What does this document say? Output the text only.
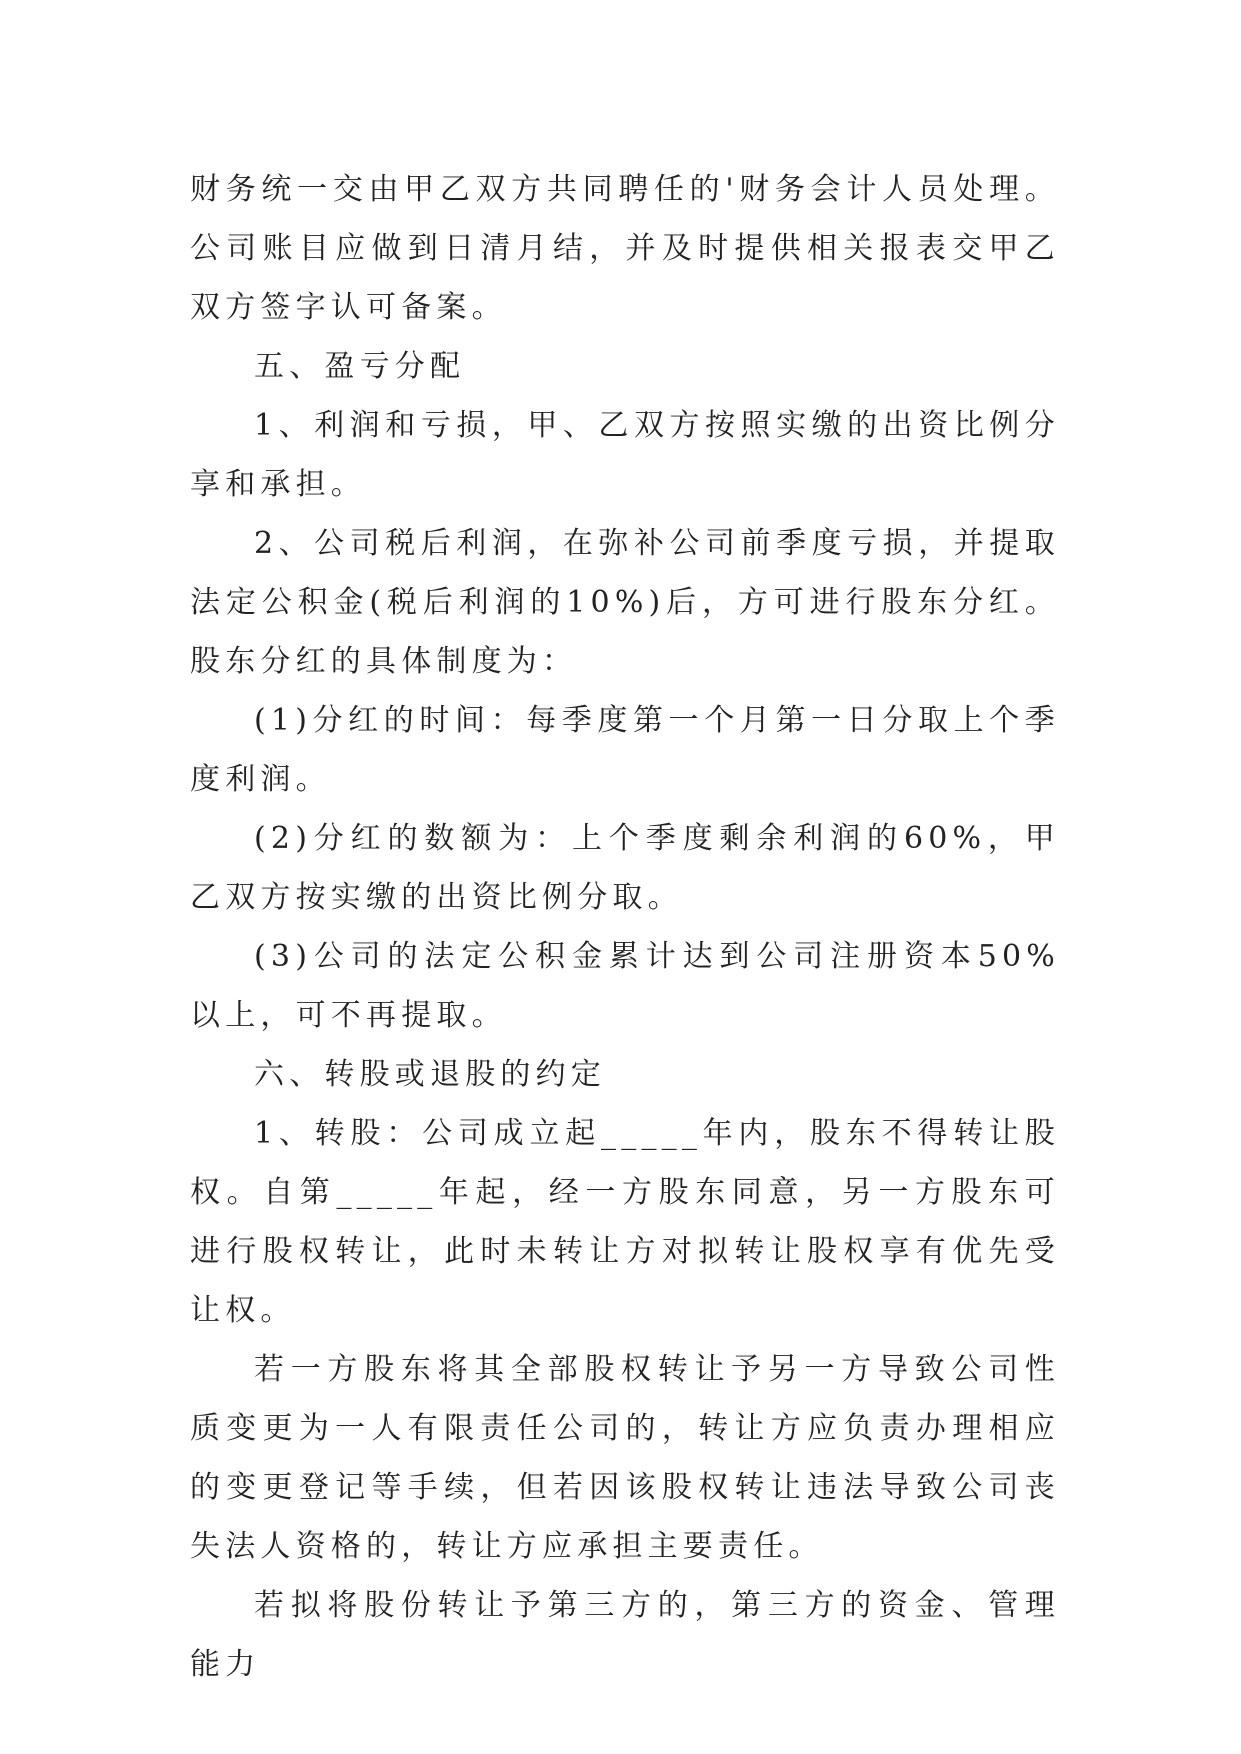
财务统一交由甲乙双方共同聘任的'财务会计人员处理。公司账目应做到日清月结，并及时提供相关报表交甲乙双方签字认可备案。

五、盈亏分配

1、利润和亏损，甲、乙双方按照实缴的出资比例分享和承担。

2、公司税后利润，在弥补公司前季度亏损，并提取法定公积金(税后利润的10%)后，方可进行股东分红。股东分红的具体制度为：

(1)分红的时间：每季度第一个月第一日分取上个季度利润。

(2)分红的数额为：上个季度剩余利润的60%，甲乙双方按实缴的出资比例分取。

(3)公司的法定公积金累计达到公司注册资本50%以上，可不再提取。

六、转股或退股的约定

1、转股：公司成立起_____年内，股东不得转让股权。自第_____年起，经一方股东同意，另一方股东可进行股权转让，此时未转让方对拟转让股权享有优先受让权。

若一方股东将其全部股权转让予另一方导致公司性质变更为一人有限责任公司的，转让方应负责办理相应的变更登记等手续，但若因该股权转让违法导致公司丧失法人资格的，转让方应承担主要责任。

若拟将股份转让予第三方的，第三方的资金、管理能力
